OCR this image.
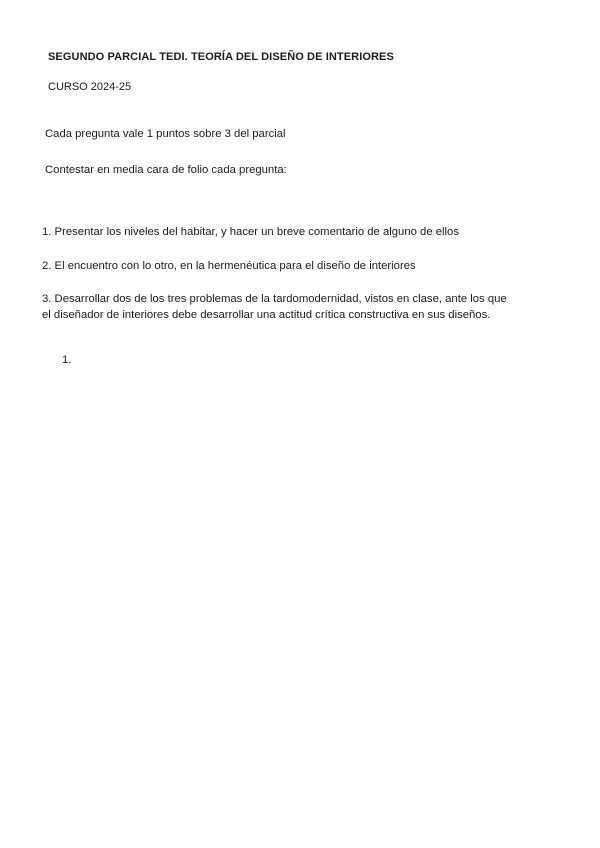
SEGUNDO PARCIAL TEDI. TEORÍA DEL DISEÑO DE INTERIORES
CURSO 2024-25
Cada pregunta vale 1 puntos sobre 3 del parcial
Contestar en media cara de folio cada pregunta:
1. Presentar los niveles del habitar, y hacer un breve comentario de alguno de ellos
2. El encuentro con lo otro, en la hermenéutica para el diseño de interiores
3. Desarrollar dos de los tres problemas de la tardomodernidad, vistos en clase, ante los que el diseñador de interiores debe desarrollar una actitud crítica constructiva en sus diseños.
1.
